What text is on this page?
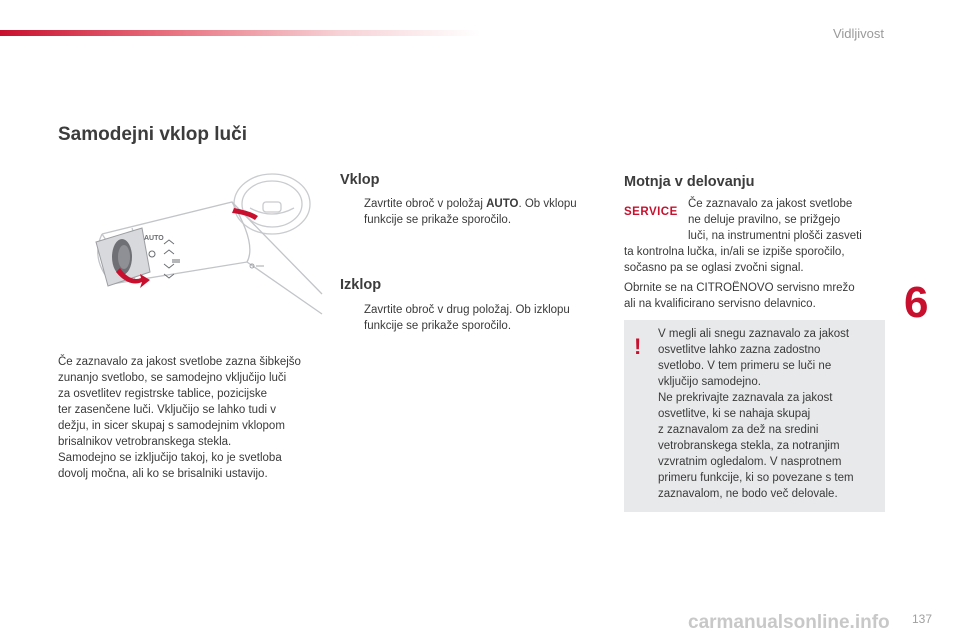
Vidljivost
Samodejni vklop luči
AUTO

Če zaznavalo za jakost svetlobe zazna šibkejšo

zunanjo svetlobo, se samodejno vključijo luči

za osvetlitev registrske tablice, pozicijske

ter zasenčene luči. Vključijo se lahko tudi v

dežju, in sicer skupaj s samodejnim vklopom

brisalnikov vetrobranskega stekla.

Samodejno se izključijo takoj, ko je svetloba

dovolj močna, ali ko se brisalniki ustavijo.

Vklop
Zavrtite obroč v položaj AUTO. Ob vklopu
funkcije se prikaže sporočilo.
Izklop
Zavrtite obroč v drug položaj. Ob izklopu
funkcije se prikaže sporočilo.
Motnja v delovanju
SERVICE

Če zaznavalo za jakost svetlobe

ne deluje pravilno, se prižgejo

luči, na instrumentni plošči zasveti

ta kontrolna lučka, in/ali se izpiše sporočilo,

sočasno pa se oglasi zvočni signal.

Obrnite se na CITROËNOVO servisno mrežo

ali na kvalificirano servisno delavnico.

! V megli ali snegu zaznavalo za jakost

osvetlitve lahko zazna zadostno

svetlobo. V tem primeru se luči ne

vključijo samodejno.

Ne prekrivajte zaznavala za jakost

osvetlitve, ki se nahaja skupaj

z zaznavalom za dež na sredini

vetrobranskega stekla, za notranjim

vzvratnim ogledalom. V nasprotnem

primeru funkcije, ki so povezane s tem

zaznavalom, ne bodo več delovale.

6
carmanualsonline.info 137
